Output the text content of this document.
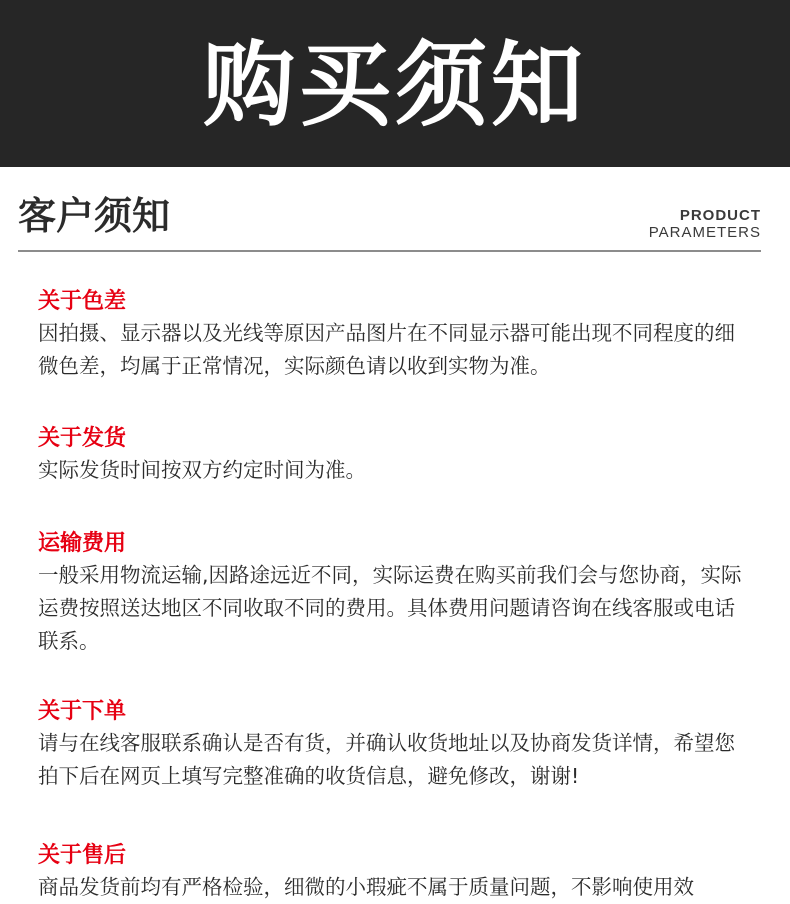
购买须知
客户须知	PRODUCT
PARAMETERS
关于色差
因拍摄、显示器以及光线等原因产品图片在不同显示器可能出现不同程度的细微色差，均属于正常情况，实际颜色请以收到实物为准。
关于发货
实际发货时间按双方约定时间为准。
运输费用
一般采用物流运输,因路途远近不同，实际运费在购买前我们会与您协商，实际运费按照送达地区不同收取不同的费用。具体费用问题请咨询在线客服或电话联系。
关于下单
请与在线客服联系确认是否有货，并确认收货地址以及协商发货详情，希望您拍下后在网页上填写完整准确的收货信息，避免修改，谢谢!
关于售后
商品发货前均有严格检验，细微的小瑕疵不属于质量问题，不影响使用效
